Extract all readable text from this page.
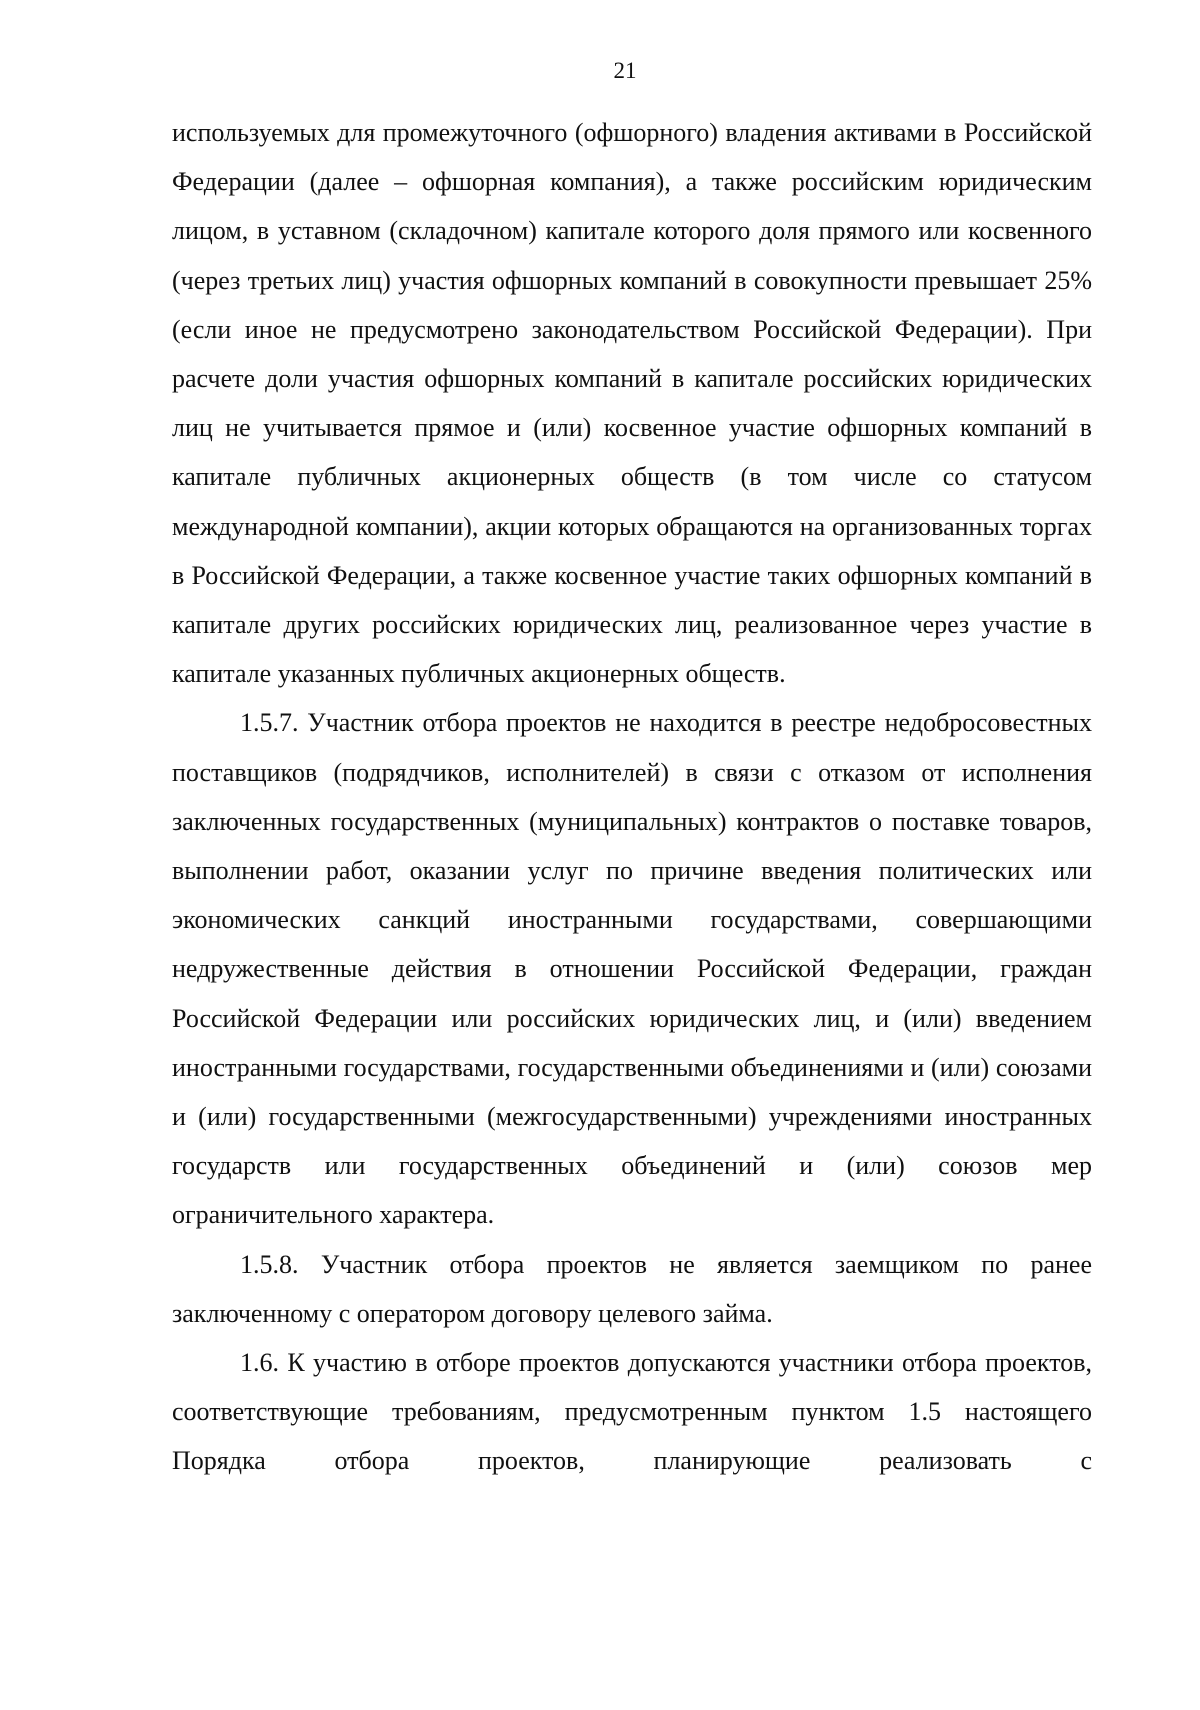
21

используемых для промежуточного (офшорного) владения активами в Российской Федерации (далее – офшорная компания), а также российским юридическим лицом, в уставном (складочном) капитале которого доля прямого или косвенного (через третьих лиц) участия офшорных компаний в совокупности превышает 25% (если иное не предусмотрено законодательством Российской Федерации). При расчете доли участия офшорных компаний в капитале российских юридических лиц не учитывается прямое и (или) косвенное участие офшорных компаний в капитале публичных акционерных обществ (в том числе со статусом международной компании), акции которых обращаются на организованных торгах в Российской Федерации, а также косвенное участие таких офшорных компаний в капитале других российских юридических лиц, реализованное через участие в капитале указанных публичных акционерных обществ.

1.5.7. Участник отбора проектов не находится в реестре недобросовестных поставщиков (подрядчиков, исполнителей) в связи с отказом от исполнения заключенных государственных (муниципальных) контрактов о поставке товаров, выполнении работ, оказании услуг по причине введения политических или экономических санкций иностранными государствами, совершающими недружественные действия в отношении Российской Федерации, граждан Российской Федерации или российских юридических лиц, и (или) введением иностранными государствами, государственными объединениями и (или) союзами и (или) государственными (межгосударственными) учреждениями иностранных государств или государственных объединений и (или) союзов мер ограничительного характера.

1.5.8. Участник отбора проектов не является заемщиком по ранее заключенному с оператором договору целевого займа.

1.6. К участию в отборе проектов допускаются участники отбора проектов, соответствующие требованиям, предусмотренным пунктом 1.5 настоящего Порядка отбора проектов, планирующие реализовать с
